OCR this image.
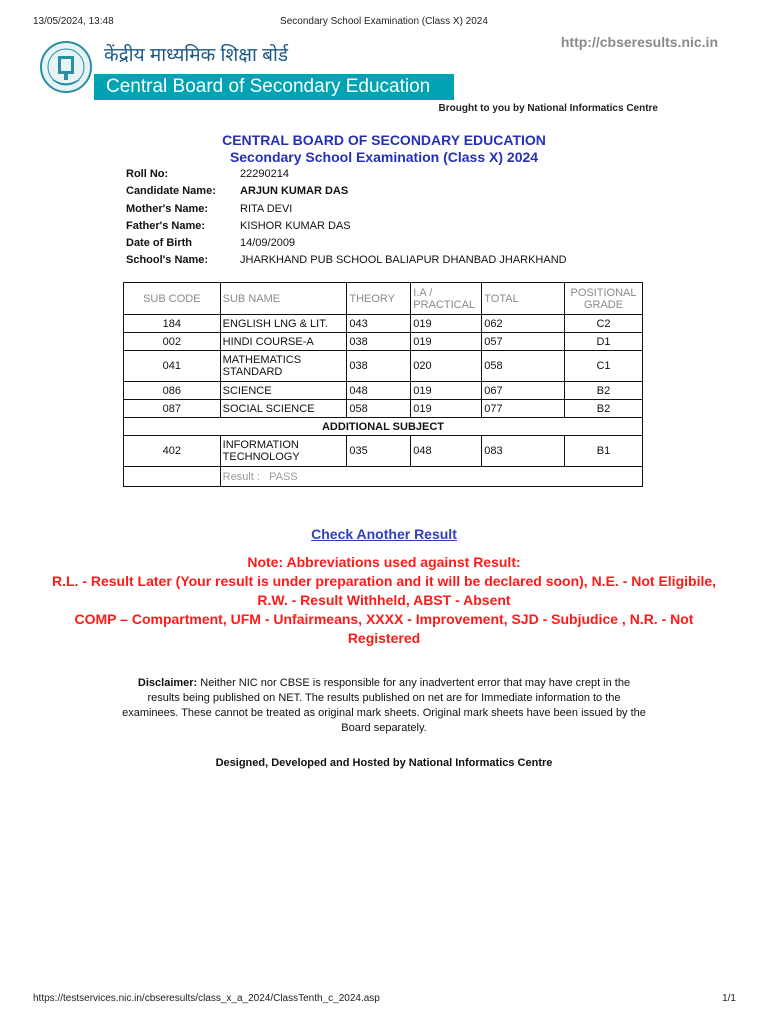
13/05/2024, 13:48	Secondary School Examination (Class X) 2024
केंद्रीय माध्यमिक शिक्षा बोर्ड
Central Board of Secondary Education
http://cbseresults.nic.in
Brought to you by National Informatics Centre
CENTRAL BOARD OF SECONDARY EDUCATION
Secondary School Examination (Class X) 2024
Roll No:	22290214
Candidate Name: ARJUN KUMAR DAS
Mother's Name:	RITA DEVI
Father's Name:	KISHOR KUMAR DAS
Date of Birth	14/09/2009
School's Name:	JHARKHAND PUB SCHOOL BALIAPUR DHANBAD JHARKHAND
SUB CODE	SUB NAME	THEORY	I.A / PRACTICAL	TOTAL	POSITIONAL GRADE
184	ENGLISH LNG & LIT.	043	019	062	C2
002	HINDI COURSE-A	038	019	057	D1
041	MATHEMATICS STANDARD	038	020	058	C1
086	SCIENCE	048	019	067	B2
087	SOCIAL SCIENCE	058	019	077	B2
ADDITIONAL SUBJECT					
402	INFORMATION TECHNOLOGY	035	048	083	B1
	Result : PASS				
Check Another Result
Note: Abbreviations used against Result:
R.L. - Result Later (Your result is under preparation and it will be declared soon), N.E. - Not Eligibile, R.W. - Result Withheld, ABST - Absent
COMP – Compartment, UFM - Unfairmeans, XXXX - Improvement, SJD - Subjudice , N.R. - Not Registered
Disclaimer: Neither NIC nor CBSE is responsible for any inadvertent error that may have crept in the results being published on NET. The results published on net are for Immediate information to the examinees. These cannot be treated as original mark sheets. Original mark sheets have been issued by the Board separately.
Designed, Developed and Hosted by National Informatics Centre
https://testservices.nic.in/cbseresults/class_x_a_2024/ClassTenth_c_2024.asp	1/1
